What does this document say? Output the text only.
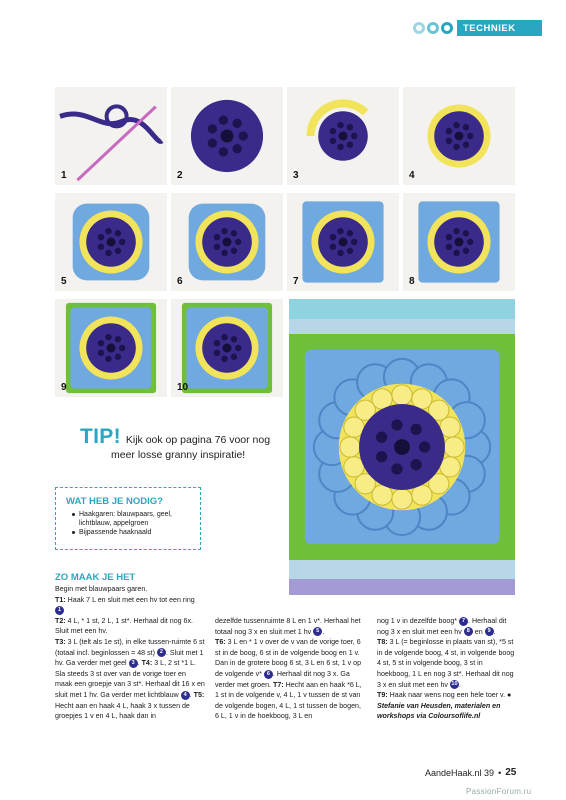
TECHNIEK
1	2	3	4
5	6	7	8
9	10
TIP! Kijk ook op pagina 76 voor nog
meer losse granny inspiratie!
WAT HEB JE NODIG?
Haakgaren: blauwpaars, geel, lichtblauw, appelgroen
Bijpassende haaknaald
ZO MAAK JE HET

Begin met blauwpaars garen.

T1: Haak 7 L en sluit met een hv tot een ring 1

T2: 4 L, * 1 st, 2 L, 1 st*. Herhaal dit nog 6x. Sluit met een hv.

T3: 3 L (telt als 1e st), in elke tussen-ruimte 6 st (totaal incl. beginlossen = 48 st) 2 . Sluit met 1 hv. Ga verder met geel 3 . T4: 3 L, 2 st *1 L. Sla steeds 3 st over van de vorige toer en maak een groepje van 3 st*. Herhaal dit 16 x en sluit met 1 hv. Ga verder met lichtblauw 4 . T5: Hecht aan en haak 4 L, haak 3 x tussen de groepjes 1 v en 4 L, haak dan in

dezelfde tussenruimte 8 L en 1 v*. Herhaal het totaal nog 3 x en sluit met 1 hv 5 .

T6: 3 L en * 1 v over de v van de vorige toer, 6 st in de boog, 6 st in de volgende boog en 1 v. Dan in de grotere boog 6 st, 3 L en 6 st, 1 v op de volgende v* 6 . Herhaal dit nog 3 x. Ga verder met groen. T7: Hecht aan en haak *6 L, 1 st in de volgende v, 4 L, 1 v tussen de st van de volgende bogen, 4 L, 1 st tussen de bogen, 6 L, 1 v in de hoekboog, 3 L en

nog 1 v in dezelfde boog* 7 . Herhaal dit nog 3 x en sluit met een hv 8 en 9 .

T8: 3 L (= beginlosse in plaats van st), *5 st in de volgende boog, 4 st, in volgende boog 4 st, 5 st in volgende boog, 3 st in hoekboog, 1 L en nog 3 st*. Herhaal dit nog 3 x en sluit met een hv 10.

T9: Haak naar wens nog een hele toer v. ●

Stefanie van Heusden, materialen en workshops via Coloursoflife.nl

AandeHaak.nl 39 • 25
PassionForum.ru
